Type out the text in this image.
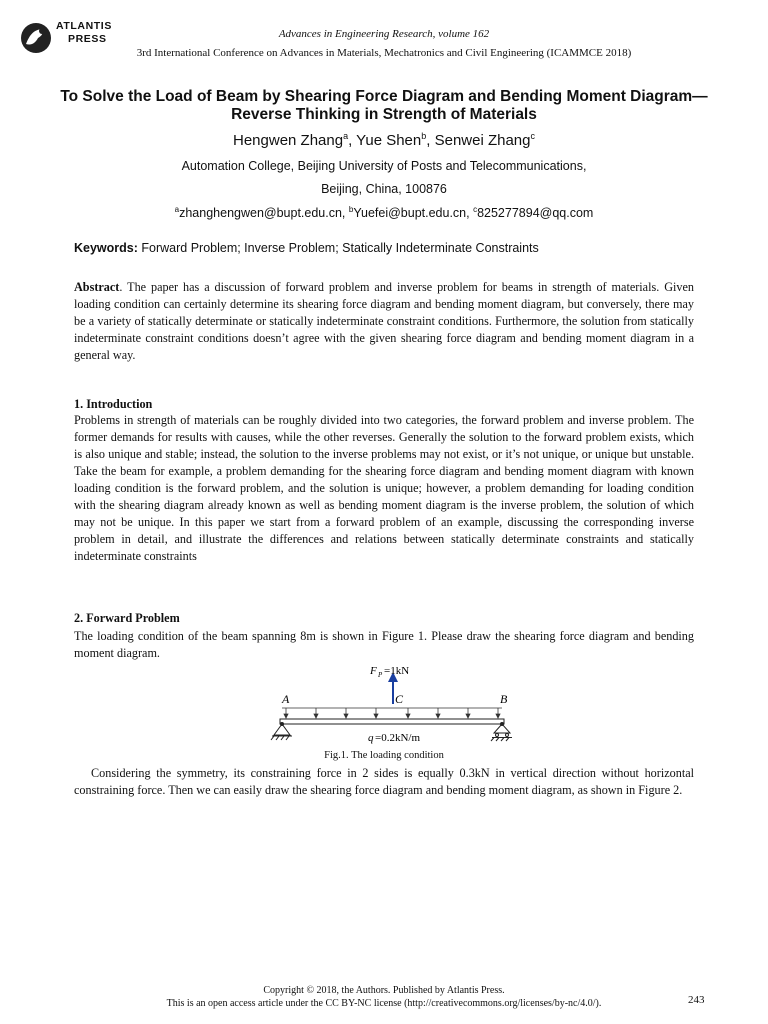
ATLANTIS
PRESS	Advances in Engineering Research, volume 162
3rd International Conference on Advances in Materials, Mechatronics and Civil Engineering (ICAMMCE 2018)
To Solve the Load of Beam by Shearing Force Diagram and Bending Moment Diagram—Reverse Thinking in Strength of Materials
Hengwen Zhang$^a$, Yue Shen$^b$, Senwei Zhang$^c$
Automation College, Beijing University of Posts and Telecommunications,
Beijing, China, 100876
$^a$zhanghengwen@bupt.edu.cn, $^b$Yuefei@bupt.edu.cn, $^c$825277894@qq.com
Keywords: Forward Problem; Inverse Problem; Statically Indeterminate Constraints
Abstract. The paper has a discussion of forward problem and inverse problem for beams in strength of materials. Given loading condition can certainly determine its shearing force diagram and bending moment diagram, but conversely, there may be a variety of statically determinate or statically indeterminate constraint conditions. Furthermore, the solution from statically indeterminate constraint conditions doesn’t agree with the given shearing force diagram and bending moment diagram in a general way.
1. Introduction
Problems in strength of materials can be roughly divided into two categories, the forward problem and inverse problem. The former demands for results with causes, while the other reverses. Generally the solution to the forward problem exists, which is also unique and stable; instead, the solution to the inverse problems may not exist, or it’s not unique, or unique but unstable. Take the beam for example, a problem demanding for the shearing force diagram and bending moment diagram with known loading condition is the forward problem, and the solution is unique; however, a problem demanding for loading condition with the shearing diagram already known as well as bending moment diagram is the inverse problem, the solution of which may not be unique. In this paper we start from a forward problem of an example, discussing the corresponding inverse problem in detail, and illustrate the differences and relations between statically determinate constraints and statically indeterminate constraints
2. Forward Problem
The loading condition of the beam spanning 8m is shown in Figure 1. Please draw the shearing force diagram and bending moment diagram.
F P =1kN
A	C	B
q =0.2kN/m
Fig.1. The loading condition
Considering the symmetry, its constraining force in 2 sides is equally 0.3kN in vertical direction without horizontal constraining force. Then we can easily draw the shearing force diagram and bending moment diagram, as shown in Figure 2.
Copyright © 2018, the Authors. Published by Atlantis Press.
This is an open access article under the CC BY-NC license (http://creativecommons.org/licenses/by-nc/4.0/).	243
